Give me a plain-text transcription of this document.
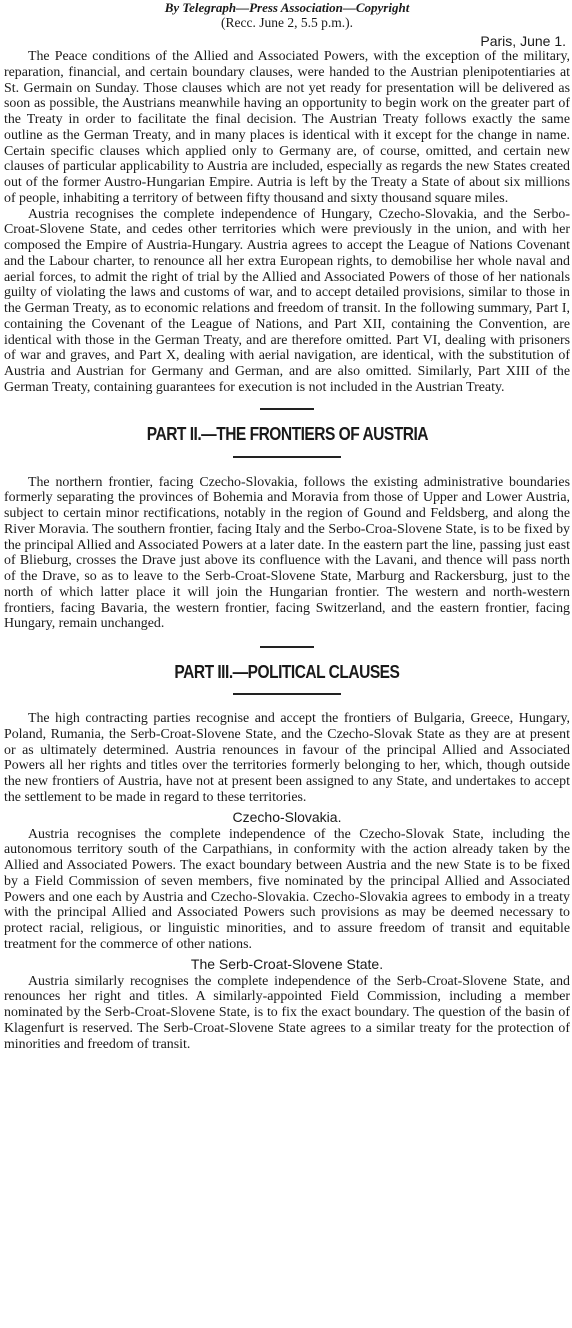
By Telegraph—Press Association—Copyright

(Recc. June 2, 5.5 p.m.).

Paris, June 1.

The Peace conditions of the Allied and Associated Powers, with the exception of the military, reparation, financial, and certain boundary clauses, were handed to the Austrian plenipotentiaries at St. Germain on Sunday. Those clauses which are not yet ready for presentation will be delivered as soon as possible, the Austrians meanwhile having an opportunity to begin work on the greater part of the Treaty in order to facilitate the final decision. The Austrian Treaty follows exactly the same outline as the German Treaty, and in many places is identical with it except for the change in name. Certain specific clauses which applied only to Germany are, of course, omitted, and certain new clauses of particular applicability to Austria are included, especially as regards the new States created out of the former Austro-Hungarian Empire. Autria is left by the Treaty a State of about six millions of people, inhabiting a territory of between fifty thousand and sixty thousand square miles.

Austria recognises the complete independence of Hungary, Czecho-Slovakia, and the Serbo-Croat-Slovene State, and cedes other territories which were previously in the union, and with her composed the Empire of Austria-Hungary. Austria agrees to accept the League of Nations Covenant and the Labour charter, to renounce all her extra European rights, to demobilise her whole naval and aerial forces, to admit the right of trial by the Allied and Associated Powers of those of her nationals guilty of violating the laws and customs of war, and to accept detailed provisions, similar to those in the German Treaty, as to economic relations and freedom of transit. In the following summary, Part I, containing the Covenant of the League of Nations, and Part XII, containing the Convention, are identical with those in the German Treaty, and are therefore omitted. Part VI, dealing with prisoners of war and graves, and Part X, dealing with aerial navigation, are identical, with the substitution of Austria and Austrian for Germany and German, and are also omitted. Similarly, Part XIII of the German Treaty, containing guarantees for execution is not included in the Austrian Treaty.

PART II.—THE FRONTIERS OF AUSTRIA

The northern frontier, facing Czecho-Slovakia, follows the existing administrative boundaries formerly separating the provinces of Bohemia and Moravia from those of Upper and Lower Austria, subject to certain minor rectifications, notably in the region of Gound and Feldsberg, and along the River Moravia. The southern frontier, facing Italy and the Serbo-Croa-Slovene State, is to be fixed by the principal Allied and Associated Powers at a later date. In the eastern part the line, passing just east of Blieburg, crosses the Drave just above its confluence with the Lavani, and thence will pass north of the Drave, so as to leave to the Serb-Croat-Slovene State, Marburg and Rackersburg, just to the north of which latter place it will join the Hungarian frontier. The western and north-western frontiers, facing Bavaria, the western frontier, facing Switzerland, and the eastern frontier, facing Hungary, remain unchanged.

PART III.—POLITICAL CLAUSES

The high contracting parties recognise and accept the frontiers of Bulgaria, Greece, Hungary, Poland, Rumania, the Serb-Croat-Slovene State, and the Czecho-Slovak State as they are at present or as ultimately determined. Austria renounces in favour of the principal Allied and Associated Powers all her rights and titles over the territories formerly belonging to her, which, though outside the new frontiers of Austria, have not at present been assigned to any State, and undertakes to accept the settlement to be made in regard to these territories.

Czecho-Slovakia.

Austria recognises the complete independence of the Czecho-Slovak State, including the autonomous territory south of the Carpathians, in conformity with the action already taken by the Allied and Associated Powers. The exact boundary between Austria and the new State is to be fixed by a Field Commission of seven members, five nominated by the principal Allied and Associated Powers and one each by Austria and Czecho-Slovakia. Czecho-Slovakia agrees to embody in a treaty with the principal Allied and Associated Powers such provisions as may be deemed necessary to protect racial, religious, or linguistic minorities, and to assure freedom of transit and equitable treatment for the commerce of other nations.

The Serb-Croat-Slovene State.

Austria similarly recognises the complete independence of the Serb-Croat-Slovene State, and renounces her right and titles. A similarly-appointed Field Commission, including a member nominated by the Serb-Croat-Slovene State, is to fix the exact boundary. The question of the basin of Klagenfurt is reserved. The Serb-Croat-Slovene State agrees to a similar treaty for the protection of minorities and freedom of transit.
